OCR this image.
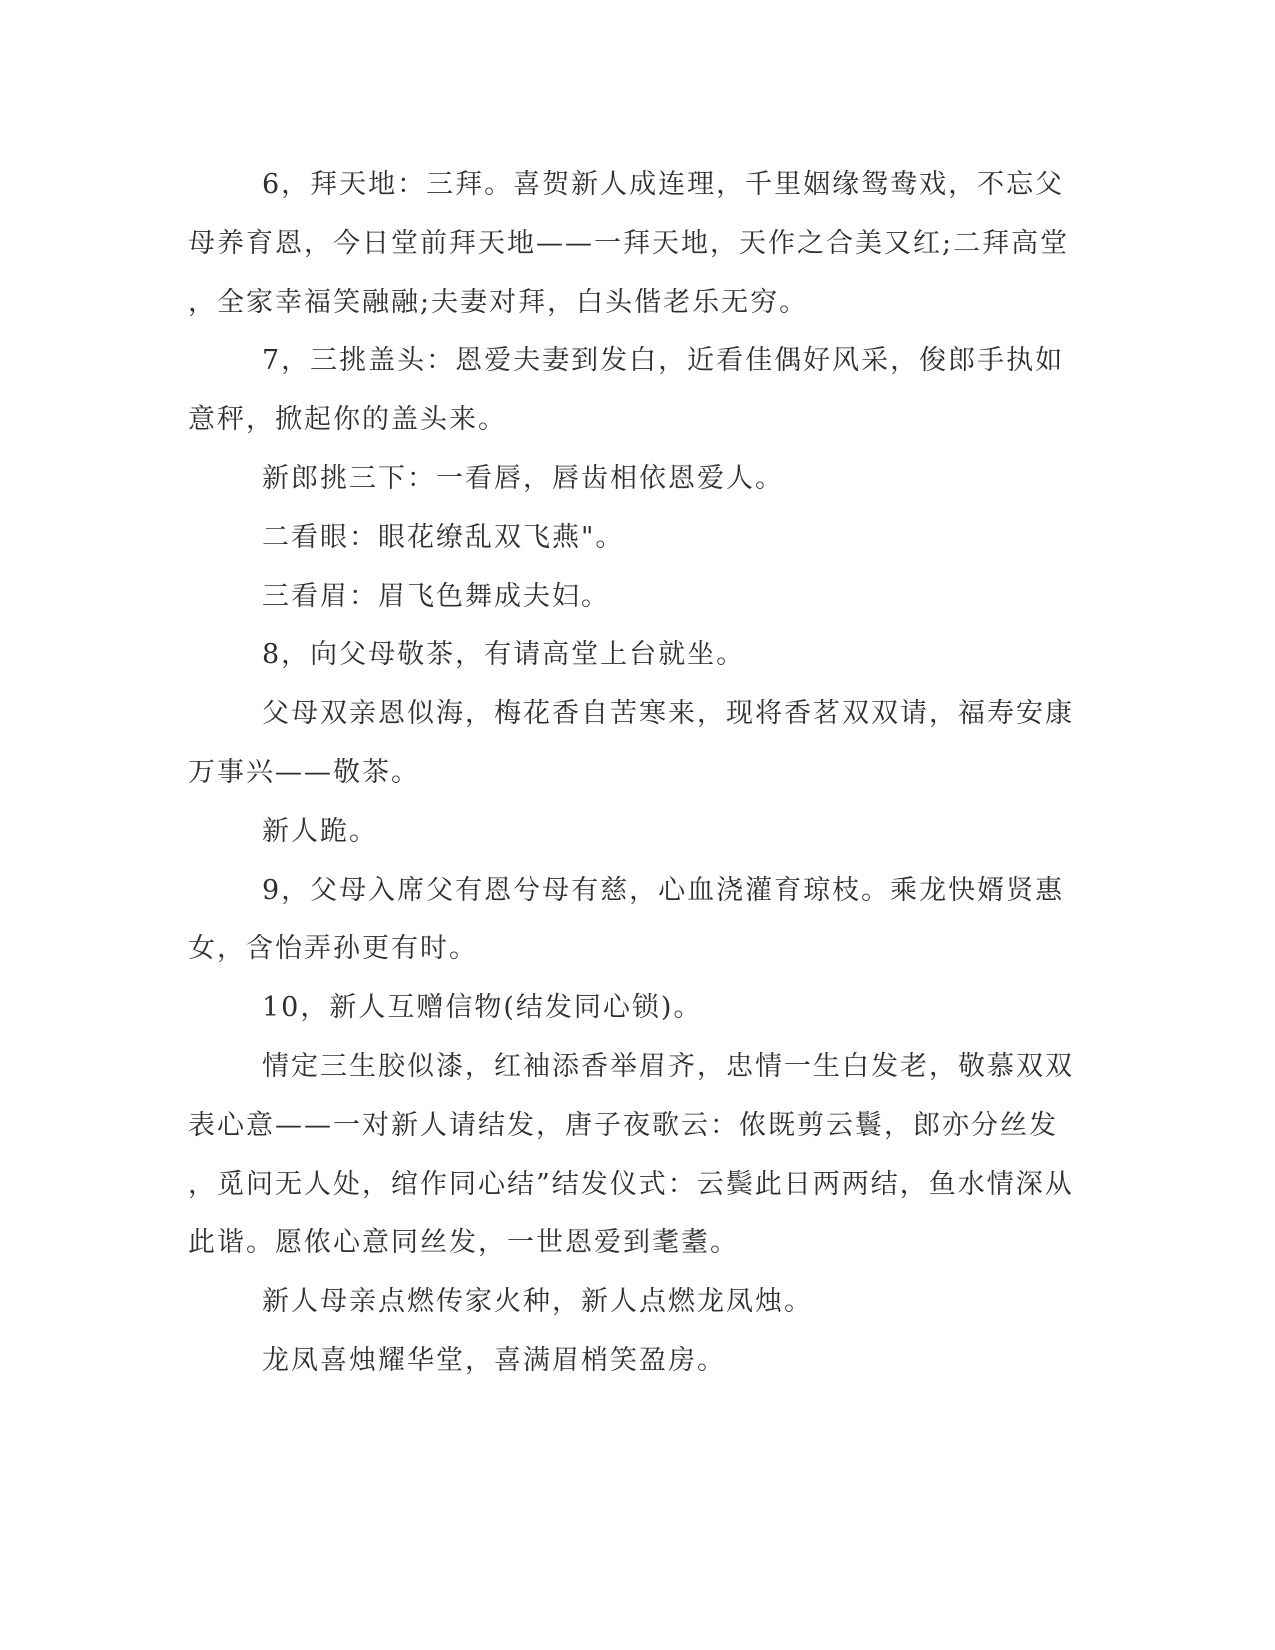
6，拜天地：三拜。喜贺新人成连理，千里姻缘鸳鸯戏，不忘父
母养育恩，今日堂前拜天地——一拜天地，天作之合美又红;二拜高堂
，全家幸福笑融融;夫妻对拜，白头偕老乐无穷。
7，三挑盖头：恩爱夫妻到发白，近看佳偶好风采，俊郎手执如
意秤，掀起你的盖头来。
新郎挑三下：一看唇，唇齿相依恩爱人。
二看眼：眼花缭乱双飞燕"。
三看眉：眉飞色舞成夫妇。
8，向父母敬茶，有请高堂上台就坐。
父母双亲恩似海，梅花香自苦寒来，现将香茗双双请，福寿安康
万事兴——敬茶。
新人跪。
9，父母入席父有恩兮母有慈，心血浇灌育琼枝。乘龙快婿贤惠
女，含怡弄孙更有时。
10，新人互赠信物(结发同心锁)。
情定三生胶似漆，红袖添香举眉齐，忠情一生白发老，敬慕双双
表心意——一对新人请结发，唐子夜歌云：侬既剪云鬟，郎亦分丝发
，觅问无人处，绾作同心结”结发仪式：云鬓此日两两结，鱼水情深从
此谐。愿侬心意同丝发，一世恩爱到耄耋。
新人母亲点燃传家火种，新人点燃龙凤烛。
龙凤喜烛耀华堂，喜满眉梢笑盈房。
